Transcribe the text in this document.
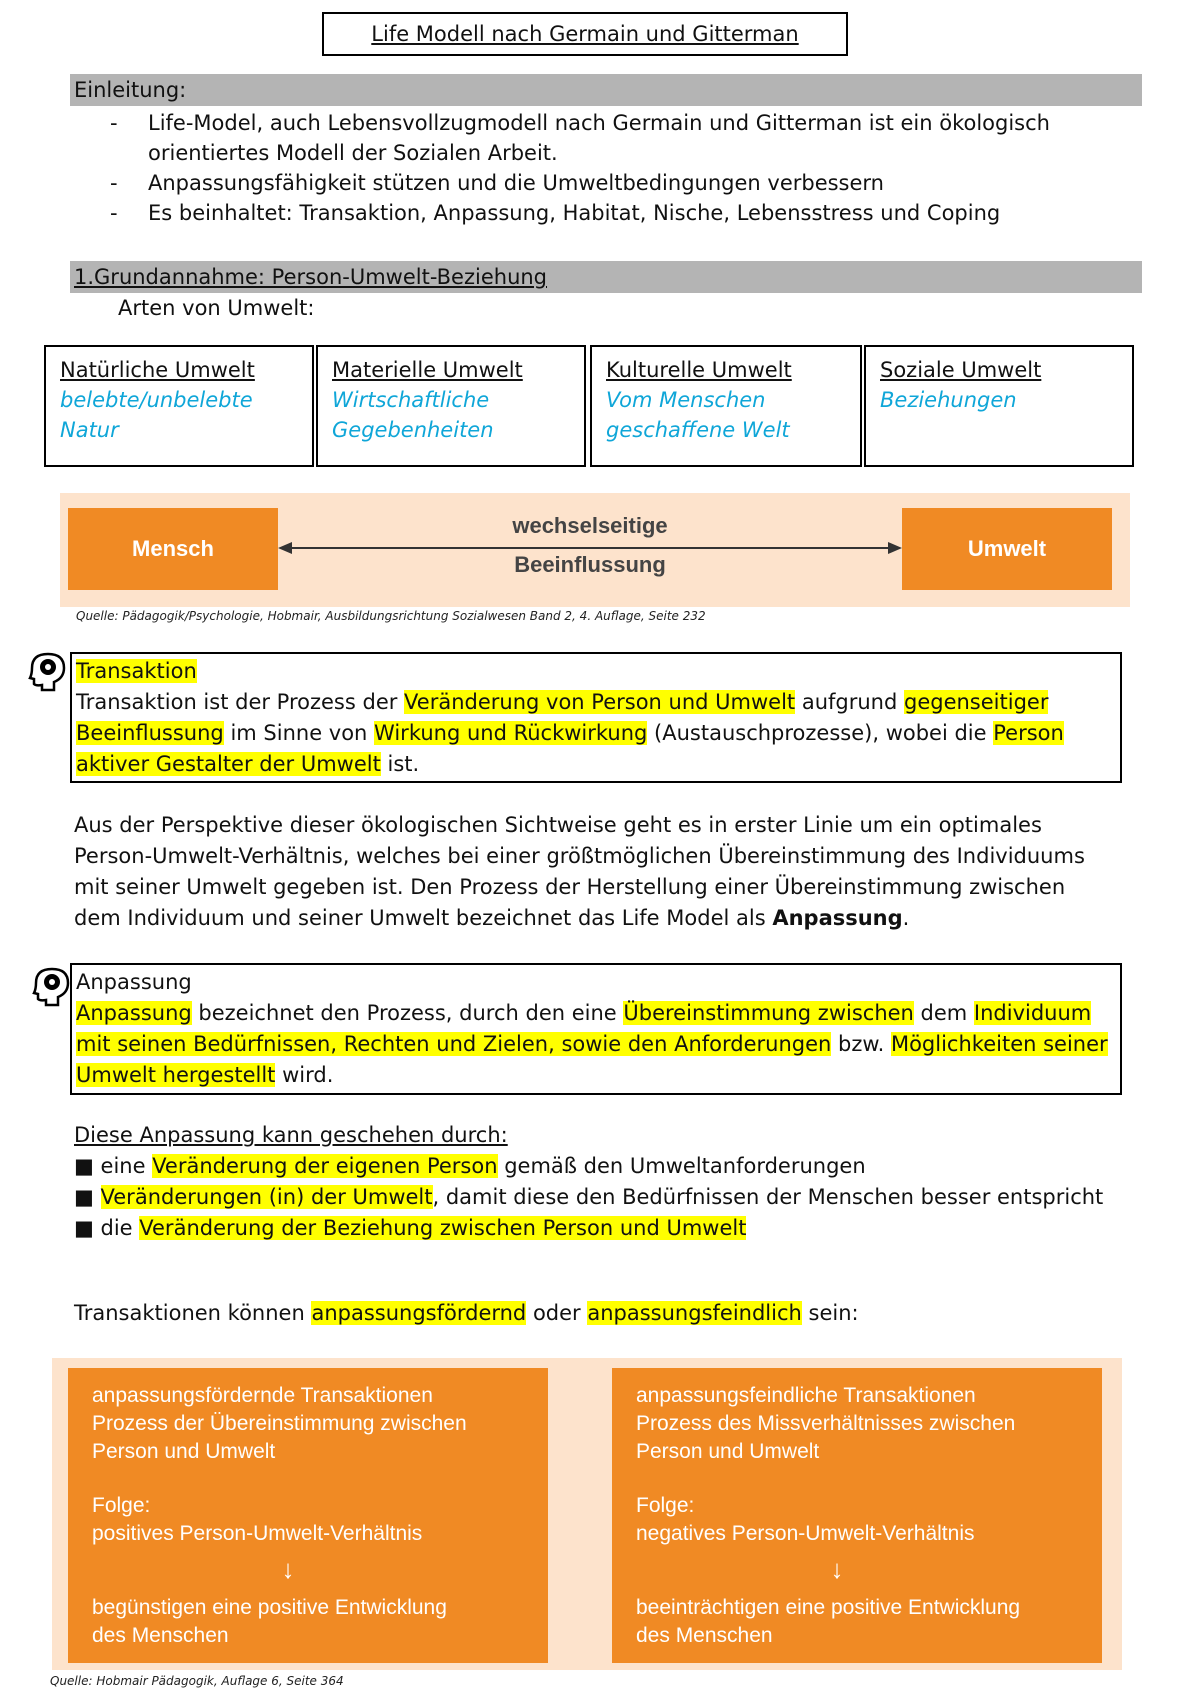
Life Modell nach Germain und Gitterman
Einleitung:
- Life-Model, auch Lebensvollzugmodell nach Germain und Gitterman ist ein ökologisch orientiertes Modell der Sozialen Arbeit.
- Anpassungsfähigkeit stützen und die Umweltbedingungen verbessern
- Es beinhaltet: Transaktion, Anpassung, Habitat, Nische, Lebensstress und Coping
1.Grundannahme: Person-Umwelt-Beziehung
Arten von Umwelt:
Natürliche Umwelt
belebte/unbelebte
Natur
Materielle Umwelt
Wirtschaftliche
Gegebenheiten
Kulturelle Umwelt
Vom Menschen
geschaffene Welt
Soziale Umwelt
Beziehungen
Mensch	Umwelt
wechselseitige
Beeinflussung
Quelle: Pädagogik/Psychologie, Hobmair, Ausbildungsrichtung Sozialwesen Band 2, 4. Auflage, Seite 232
Transaktion
Transaktion ist der Prozess der Veränderung von Person und Umwelt aufgrund gegenseitiger Beeinflussung im Sinne von Wirkung und Rückwirkung (Austauschprozesse), wobei die Person aktiver Gestalter der Umwelt ist.
Aus der Perspektive dieser ökologischen Sichtweise geht es in erster Linie um ein optimales Person-Umwelt-Verhältnis, welches bei einer größtmöglichen Übereinstimmung des Individuums mit seiner Umwelt gegeben ist. Den Prozess der Herstellung einer Übereinstimmung zwischen dem Individuum und seiner Umwelt bezeichnet das Life Model als Anpassung.
Anpassung
Anpassung bezeichnet den Prozess, durch den eine Übereinstimmung zwischen dem Individuum mit seinen Bedürfnissen, Rechten und Zielen, sowie den Anforderungen bzw. Möglichkeiten seiner Umwelt hergestellt wird.
Diese Anpassung kann geschehen durch:
■ eine Veränderung der eigenen Person gemäß den Umweltanforderungen
■ Veränderungen (in) der Umwelt, damit diese den Bedürfnissen der Menschen besser entspricht
■ die Veränderung der Beziehung zwischen Person und Umwelt
Transaktionen können anpassungsfördernd oder anpassungsfeindlich sein:
anpassungsfördernde Transaktionen
Prozess der Übereinstimmung zwischen
Person und Umwelt
Folge:
positives Person-Umwelt-Verhältnis
↓
begünstigen eine positive Entwicklung
des Menschen
anpassungsfeindliche Transaktionen
Prozess des Missverhältnisses zwischen
Person und Umwelt
Folge:
negatives Person-Umwelt-Verhältnis
↓
beeinträchtigen eine positive Entwicklung
des Menschen
Quelle: Hobmair Pädagogik, Auflage 6, Seite 364
